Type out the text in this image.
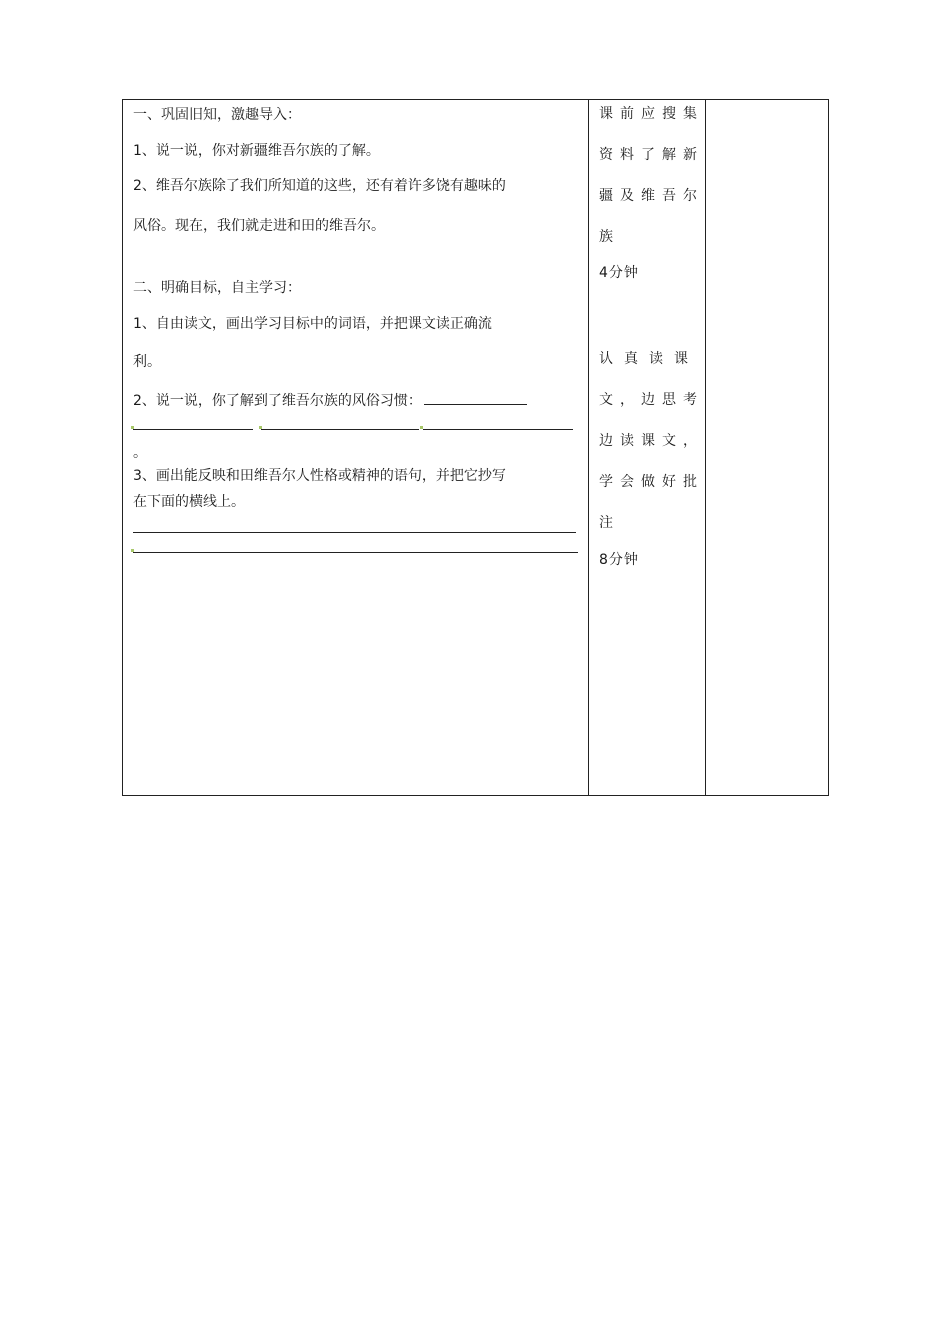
一、巩固旧知，激趣导入：
1、说一说，你对新疆维吾尔族的了解。
2、维吾尔族除了我们所知道的这些，还有着许多饶有趣味的
风俗。现在，我们就走进和田的维吾尔。
二、明确目标，自主学习：
1、自由读文，画出学习目标中的词语，并把课文读正确流
利。
2、说一说，你了解到了维吾尔族的风俗习惯：
。
3、画出能反映和田维吾尔人性格或精神的语句，并把它抄写
在下面的横线上。
课前应搜集
资料了解新
疆及维吾尔
族
4分钟
认真读课
文，边思考
边读课文，
学会做好批
注
8分钟
